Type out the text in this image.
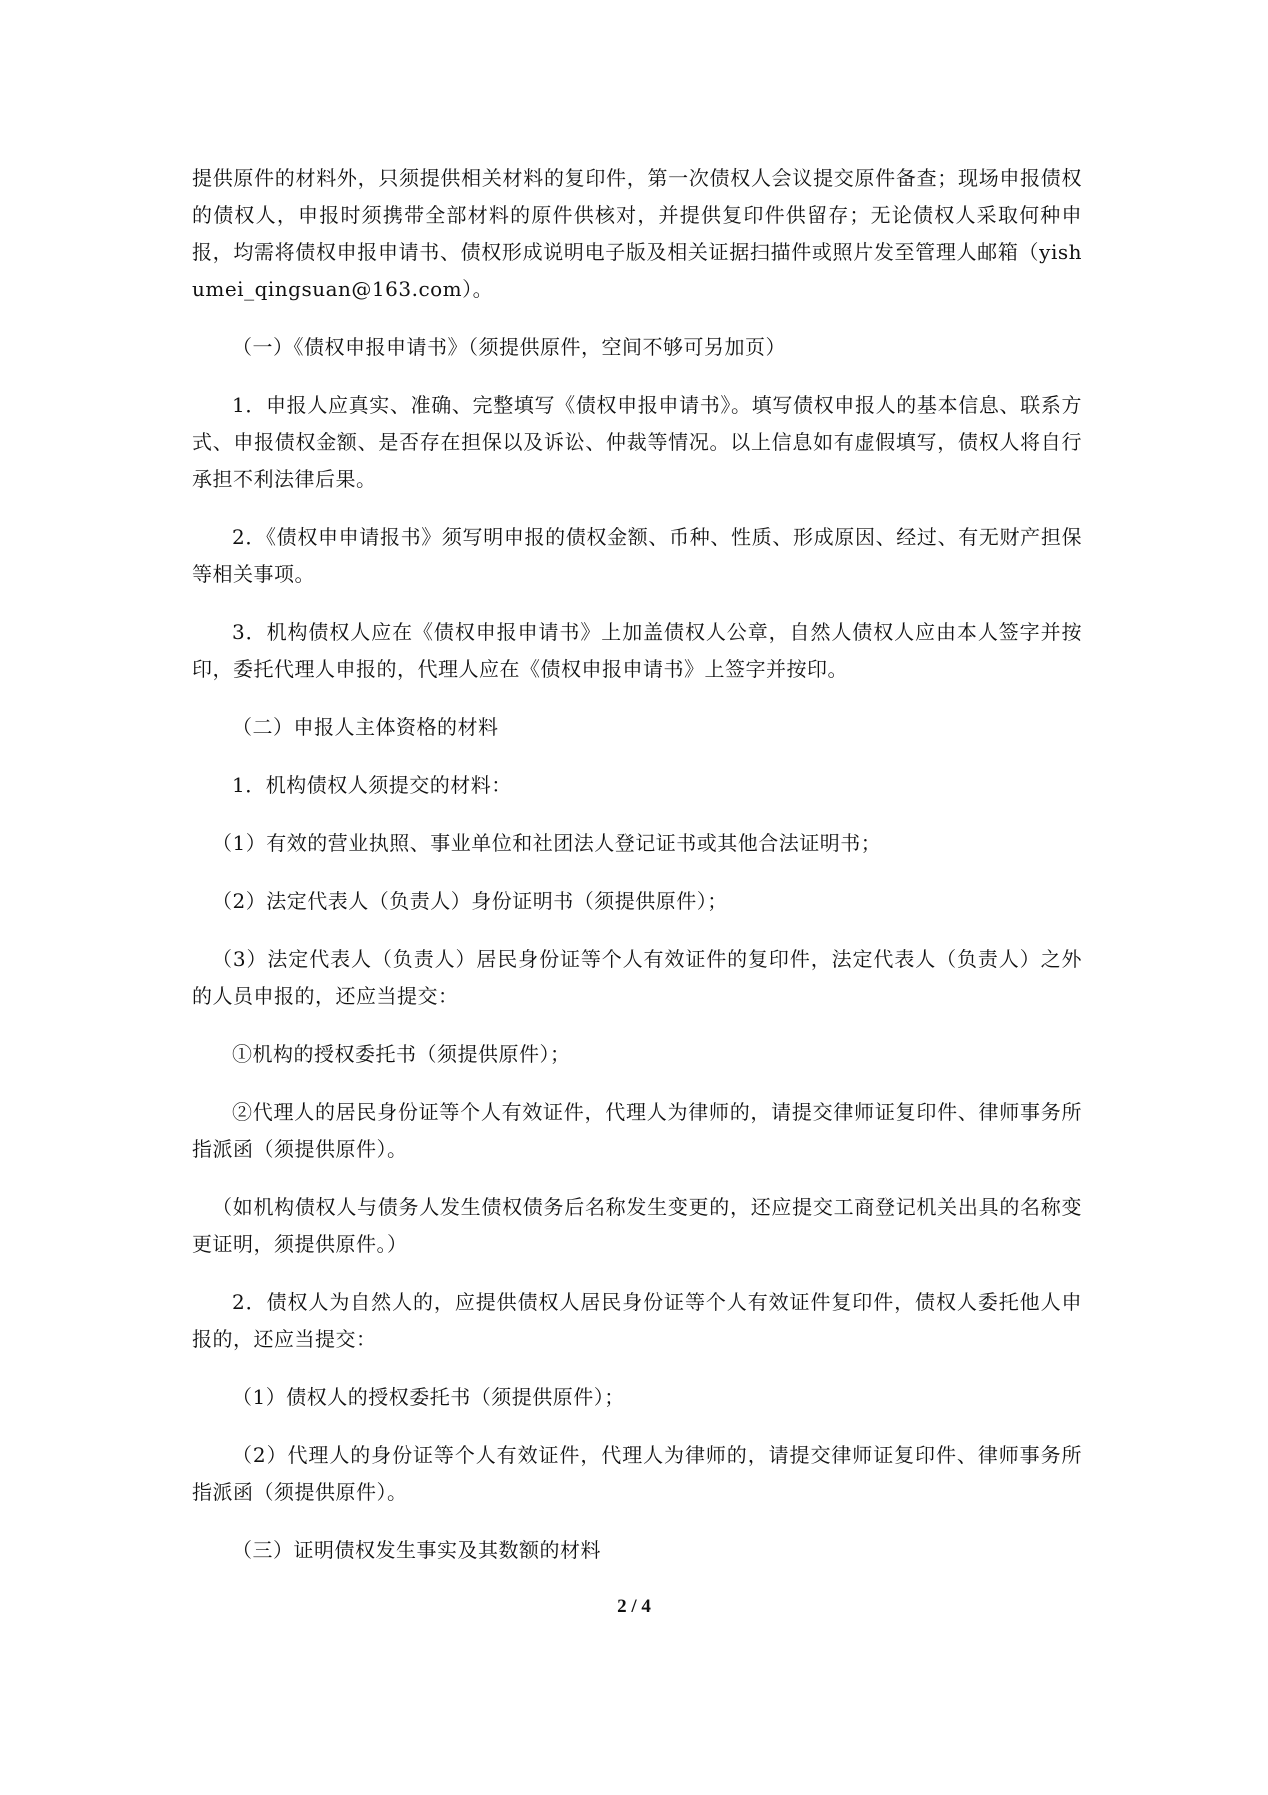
提供原件的材料外，只须提供相关材料的复印件，第一次债权人会议提交原件备查；现场申报债权的债权人，申报时须携带全部材料的原件供核对，并提供复印件供留存；无论债权人采取何种申报，均需将债权申报申请书、债权形成说明电子版及相关证据扫描件或照片发至管理人邮箱（yishumei_qingsuan@163.com）。

（一）《债权申报申请书》（须提供原件，空间不够可另加页）

1．申报人应真实、准确、完整填写《债权申报申请书》。填写债权申报人的基本信息、联系方式、申报债权金额、是否存在担保以及诉讼、仲裁等情况。以上信息如有虚假填写，债权人将自行承担不利法律后果。

2．《债权申申请报书》须写明申报的债权金额、币种、性质、形成原因、经过、有无财产担保等相关事项。

3．机构债权人应在《债权申报申请书》上加盖债权人公章，自然人债权人应由本人签字并按印，委托代理人申报的，代理人应在《债权申报申请书》上签字并按印。

（二）申报人主体资格的材料

1．机构债权人须提交的材料：

（1）有效的营业执照、事业单位和社团法人登记证书或其他合法证明书；

（2）法定代表人（负责人）身份证明书（须提供原件）；

（3）法定代表人（负责人）居民身份证等个人有效证件的复印件，法定代表人（负责人）之外的人员申报的，还应当提交：

①机构的授权委托书（须提供原件）；

②代理人的居民身份证等个人有效证件，代理人为律师的，请提交律师证复印件、律师事务所指派函（须提供原件）。

（如机构债权人与债务人发生债权债务后名称发生变更的，还应提交工商登记机关出具的名称变更证明，须提供原件。）

2．债权人为自然人的，应提供债权人居民身份证等个人有效证件复印件，债权人委托他人申报的，还应当提交：

（1）债权人的授权委托书（须提供原件）；

（2）代理人的身份证等个人有效证件，代理人为律师的，请提交律师证复印件、律师事务所指派函（须提供原件）。

（三）证明债权发生事实及其数额的材料

2 / 4
